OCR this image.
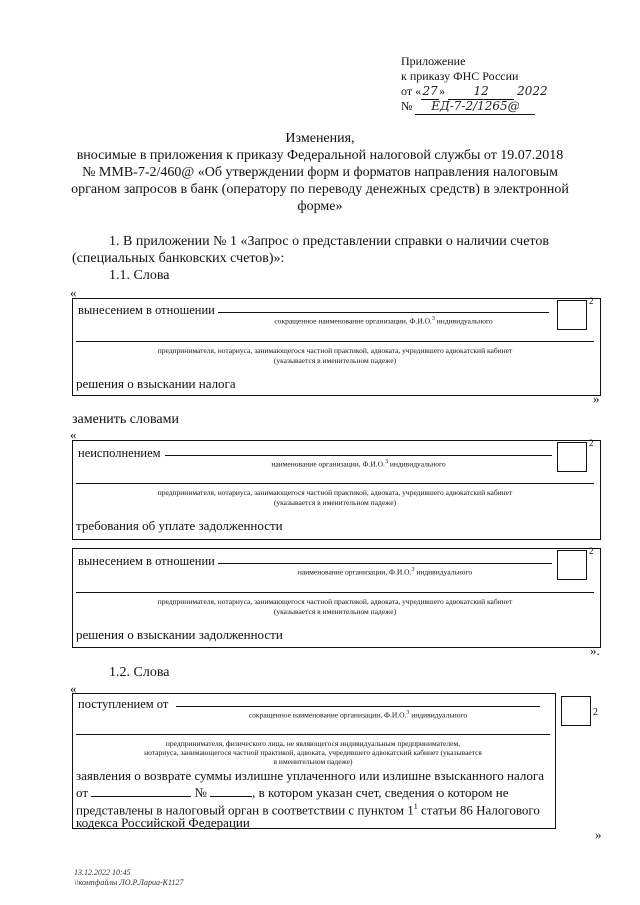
Приложение
к приказу ФНС России
от «27» 12 2022
№ ЕД-7-2/1265@
Изменения,
вносимые в приложения к приказу Федеральной налоговой службы от 19.07.2018
№ ММВ-7-2/460@ «Об утверждении форм и форматов направления налоговым
органом запросов в банк (оператору по переводу денежных средств) в электронной
форме»
1. В приложении № 1 «Запрос о представлении справки о наличии счетов
(специальных банковских счетов)»:
1.1. Слова
«
вынесением в отношении
сокращенное наименование организации, Ф.И.О.$^3$ индивидуального
2
предпринимателя, нотариуса, занимающегося частной практикой, адвоката, учредившего адвокатский кабинет
(указывается в именительном падеже)
решения о взыскании налога
»
заменить словами
«
неисполнением
наименование организации, Ф.И.О.$^3$ индивидуального
2
предпринимателя, нотариуса, занимающегося частной практикой, адвоката, учредившего адвокатский кабинет
(указывается в именительном падеже)
требования об уплате задолженности
вынесением в отношении
наименование организации, Ф.И.О.$^3$ индивидуального
2
предпринимателя, нотариуса, занимающегося частной практикой, адвоката, учредившего адвокатский кабинет
(указывается в именительном падеже)
решения о взыскании задолженности
».
1.2. Слова
«
поступлением от
сокращенное наименование организации, Ф.И.О.$^3$ индивидуального
предпринимателя, физического лица, не являющегося индивидуальным предпринимателем,
нотариуса, занимающегося частной практикой, адвоката, учредившего адвокатский кабинет (указывается
в именительном падеже)
заявления о возврате суммы излишне уплаченного или излишне взысканного налога
от	№	, в котором указан счет, сведения о котором не
представлены в налоговый орган в соответствии с пунктом $1^1$ статьи 86 Налогового
кодекса Российской Федерации
2
»
13.12.2022 10:45
\\компфайлы ЛО.Р.Лариа-К1127
